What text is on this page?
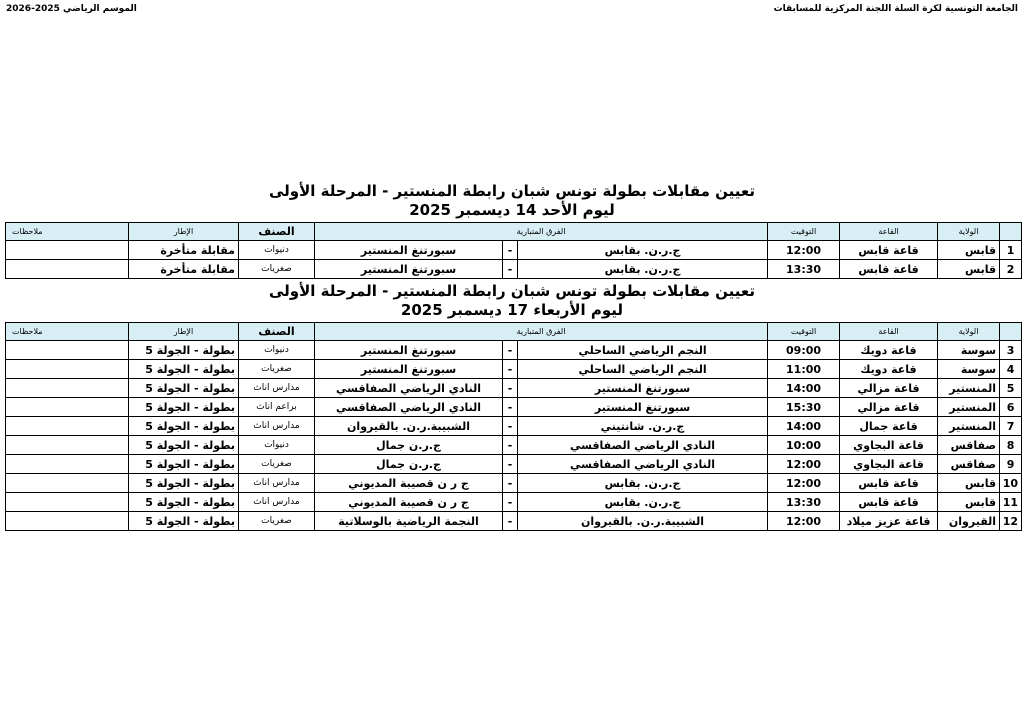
الجامعة التونسية لكرة السلة اللجنة المركزية للمسابقات
الموسم الرياضي 2025-2026
تعيين مقابلات بطولة تونس شبان رابطة المنستير - المرحلة الأولى
ليوم الأحد 14 ديسمبر 2025
	الولاية	القاعة	التوقيت	الفرق المتبارية			الصنف	الإطار	ملاحظات
1	قابس	قاعة قابس	12:00	ج.ر.ن. بقابس	-	سبورتنغ المنستير	دنيوات	مقابلة متأخرة	
2	قابس	قاعة قابس	13:30	ج.ر.ن. بقابس	-	سبورتنغ المنستير	صغريات	مقابلة متأخرة	
تعيين مقابلات بطولة تونس شبان رابطة المنستير - المرحلة الأولى
ليوم الأربعاء 17 ديسمبر 2025
	الولاية	القاعة	التوقيت	الفرق المتبارية			الصنف	الإطار	ملاحظات
3	سوسة	قاعة دويك	09:00	النجم الرياضي الساحلي	-	سبورتنغ المنستير	دنيوات	بطولة - الجولة 5	
4	سوسة	قاعة دويك	11:00	النجم الرياضي الساحلي	-	سبورتنغ المنستير	صغريات	بطولة - الجولة 5	
5	المنستير	قاعة مزالي	14:00	سبورتنغ المنستير	-	النادي الرياضي الصفاقسي	مدارس اناث	بطولة - الجولة 5	
6	المنستير	قاعة مزالي	15:30	سبورتنغ المنستير	-	النادي الرياضي الصفاقسي	براعم اناث	بطولة - الجولة 5	
7	المنستير	قاعة جمال	14:00	ج.ر.ن. شانتيني	-	الشبيبة.ر.ن. بالقيروان	مدارس اناث	بطولة - الجولة 5	
8	صفاقس	قاعة البجاوي	10:00	النادي الرياضي الصفاقسي	-	ج.ر.ن جمال	دنيوات	بطولة - الجولة 5	
9	صفاقس	قاعة البجاوي	12:00	النادي الرياضي الصفاقسي	-	ج.ر.ن جمال	صغريات	بطولة - الجولة 5	
10	قابس	قاعة قابس	12:00	ج.ر.ن. بقابس	-	ج ر ن قصيبة المديوني	مدارس اناث	بطولة - الجولة 5	
11	قابس	قاعة قابس	13:30	ج.ر.ن. بقابس	-	ج ر ن قصيبة المديوني	مدارس اناث	بطولة - الجولة 5	
12	القيروان	قاعة عزيز ميلاد	12:00	الشبيبة.ر.ن. بالقيروان	-	النجمة الرياضية بالوسلاتية	صغريات	بطولة - الجولة 5	
